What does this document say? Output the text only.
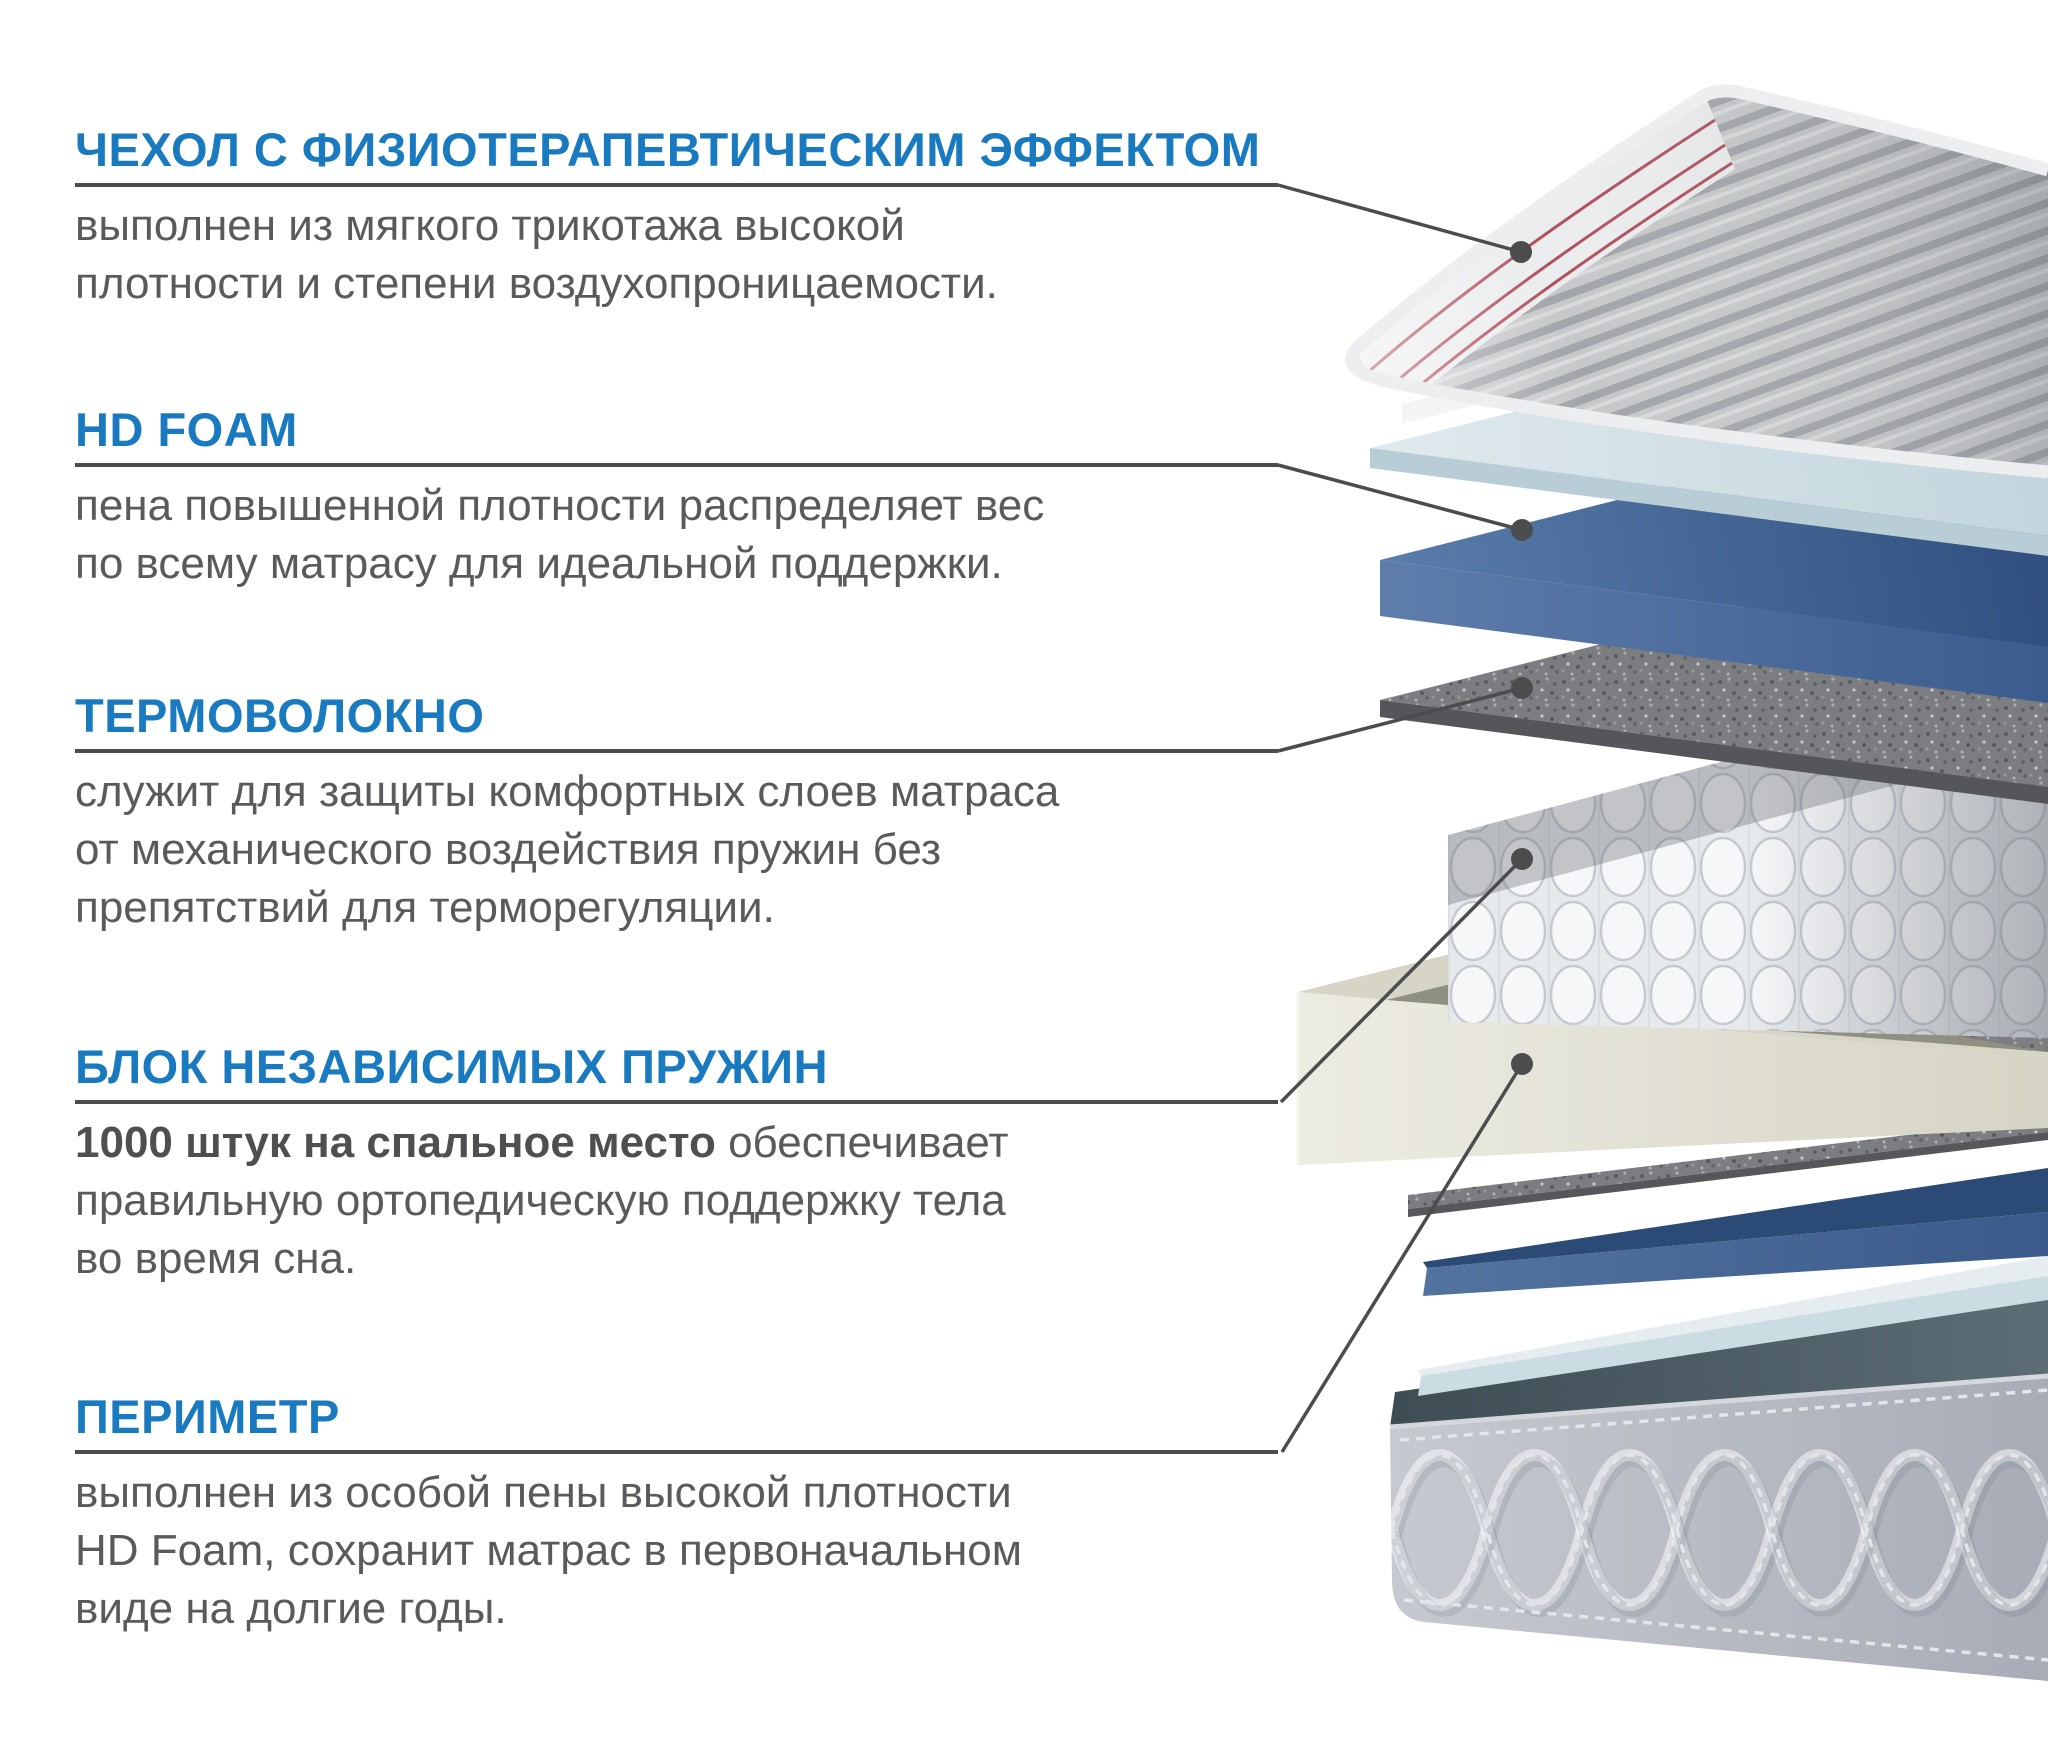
ЧЕХОЛ С ФИЗИОТЕРАПЕВТИЧЕСКИМ ЭФФЕКТОМ
выполнен из мягкого трикотажа высокой
плотности и степени воздухопроницаемости.
HD FOAM
пена повышенной плотности распределяет вес
по всему матрасу для идеальной поддержки.
ТЕРМОВОЛОКНО
служит для защиты комфортных слоев матраса
от механического воздействия пружин без
препятствий для терморегуляции.
БЛОК НЕЗАВИСИМЫХ ПРУЖИН
1000 штук на спальное место обеспечивает
правильную ортопедическую поддержку тела
во время сна.
ПЕРИМЕТР
выполнен из особой пены высокой плотности
HD Foam, сохранит матрас в первоначальном
виде на долгие годы.
